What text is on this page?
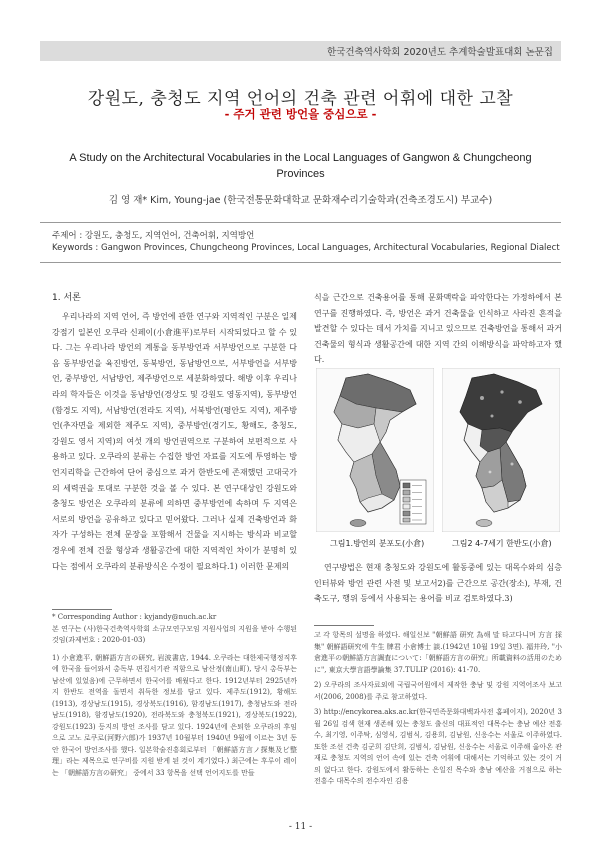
한국건축역사학회 2020년도 추계학술발표대회 논문집
강원도, 충청도 지역 언어의 건축 관련 어휘에 대한 고찰
- 주거 관련 방언을 중심으로 -
A Study on the Architectural Vocabularies in the Local Languages of Gangwon & Chungcheong Provinces
김 영 재* Kim, Young-jae (한국전통문화대학교 문화재수리기술학과(건축조경도시) 부교수)
주제어 : 강원도, 충청도, 지역언어, 건축어휘, 지역방언
Keywords : Gangwon Provinces, Chungcheong Provinces, Local Languages, Architectural Vocabularies, Regional Dialect
1. 서론

우리나라의 지역 언어, 즉 방언에 관한 연구와 지역적인 구분은 일제강점기 일본인 오쿠라 신페이(小倉進平)로부터 시작되었다고 할 수 있다. 그는 우리나라 방언의 계통을 동부방언과 서부방언으로 구분한 다음 동부방언을 육진방언, 동북방언, 동남방언으로, 서부방언을 서부방언, 중부방언, 서남방언, 제주방언으로 세분화하였다. 해방 이후 우리나라의 학자들은 이것을 동남방언(경상도 및 강원도 영동지역), 동부방언(함경도 지역), 서남방언(전라도 지역), 서북방언(평안도 지역), 제주방언(추자면을 제외한 제주도 지역), 중부방언(경기도, 황해도, 충청도, 강원도 영서 지역)의 여섯 개의 방언권역으로 구분하여 보편적으로 사용하고 있다. 오쿠라의 분류는 수집한 방언 자료를 지도에 투영하는 방언지리학을 근간하여 단어 중심으로 과거 한반도에 존재했던 고대국가의 세력권을 토대로 구분한 것을 볼 수 있다. 본 연구대상인 강원도와 충청도 방언은 오쿠라의 분류에 의하면 중부방언에 속하며 두 지역은 서로의 방언을 공유하고 있다고 믿어왔다. 그러나 실제 건축방언과 화자가 구성하는 전체 문장을 포함해서 건물을 지시하는 방식과 비교할 경우에 전체 건물 형상과 생활공간에 대한 지역적인 차이가 분명히 있다는 점에서 오쿠라의 분류방식은 수정이 필요하다.1) 이러한 문제의

식을 근간으로 건축용어를 통해 문화맥락을 파악한다는 가정하에서 본 연구를 진행하였다. 즉, 방언은 과거 건축물을 인식하고 사라진 흔적을 발견할 수 있다는 데서 가치를 지니고 있으므로 건축방언을 통해서 과거 건축물의 형식과 생활공간에 대한 지역 간의 이해방식을 파악하고자 했다.

그림1.방언의 분포도(小倉)	그림2 4-7세기 한반도(小倉)

연구방법은 현재 충청도와 강원도에 활동중에 있는 대목수와의 심층인터뷰와 방언 관련 사전 및 보고서2)를 근간으로 공간(장소), 부재, 건축도구, 행위 등에서 사용되는 용어를 비교 검토하였다.3)

* Corresponding Author : kyjandy@nuch.ac.kr

본 연구는 (사)한국건축역사학회 소규모연구모임 지원사업의 지원을 받아 수행된 것임(과제번호 : 2020-01-03)

1) 小倉進平, 朝鮮語方言の研究, 岩波書店, 1944. 오쿠라는 대한제국행정직후에 한국을 들어와서 총독부 편집서기관 직함으로 남산정(南山町), 당시 총독부는 남산에 있었음)에 근무하면서 한국어를 배웠다고 한다. 1912년부터 2925년까지 한반도 전역을 돌면서 취득한 정보를 담고 있다. 제주도(1912), 황해도(1913), 경상남도(1915), 경상북도(1916), 함경남도(1917), 충청남도와 전라남도(1918), 함경남도(1920), 전라북도와 충청북도(1921), 경상북도(1922), 강원도(1923) 등지의 방언 조사를 담고 있다. 1924년에 은퇴한 오쿠라의 후임으로 고노 로쿠로(河野六郎)가 1937년 10월부터 1940년 9월에 이르는 3년 동안 한국어 방언조사를 했다. 일본학술진흥회로부터 「朝鮮語方言ノ探集及ビ整理」라는 제목으로 연구비를 지원 받게 된 것이 계기였다.) 최근에는 후루이 레이는 「朝鮮語方言の研究」 중에서 33 항목을 선택 언어지도를 만들

고 각 항목의 설명을 하였다. 해일신보 "朝鮮語 研究 為해 말 타고다니며 方言 採集" 朝鮮語研究에 牛生 牌君 小倉博士 談.(1942년 10월 19일 3면). 福井玲, "小倉進平の朝鮮語方言調査について:「朝鮮語方言の研究」所載資料の活用のために", 東京大學言語學論集 37.TULIP (2016): 41-70.

2) 오쿠라의 조사자료외에 국립국어원에서 제작한 충남 및 강원 지역어조사 보고서(2006, 2008)를 주로 참고하였다.

3) http://encykorea.aks.ac.kr(한국민족문화대백과사전 홈페이지), 2020년 3월 26일 검색 현재 생존해 있는 충청도 출신의 대표적인 대목수는 충남 예산 전흥수, 최기영, 이주탁, 심영식, 김범식, 김용희, 김남원, 신응수는 서울로 이주하였다. 또한 조선 건축 김군희 김단희, 김범식, 김남원, 신응수는 서울로 이주해 옮아온 관재로 충청도 지역의 언어 속에 있는 건축 어휘에 대해서는 기억하고 있는 것이 거의 없다고 한다. 강원도에서 활동하는 은일진 목수와 충남 예산을 거점으로 하는 전흥수 대목수의 전수자인 김용

- 11 -
